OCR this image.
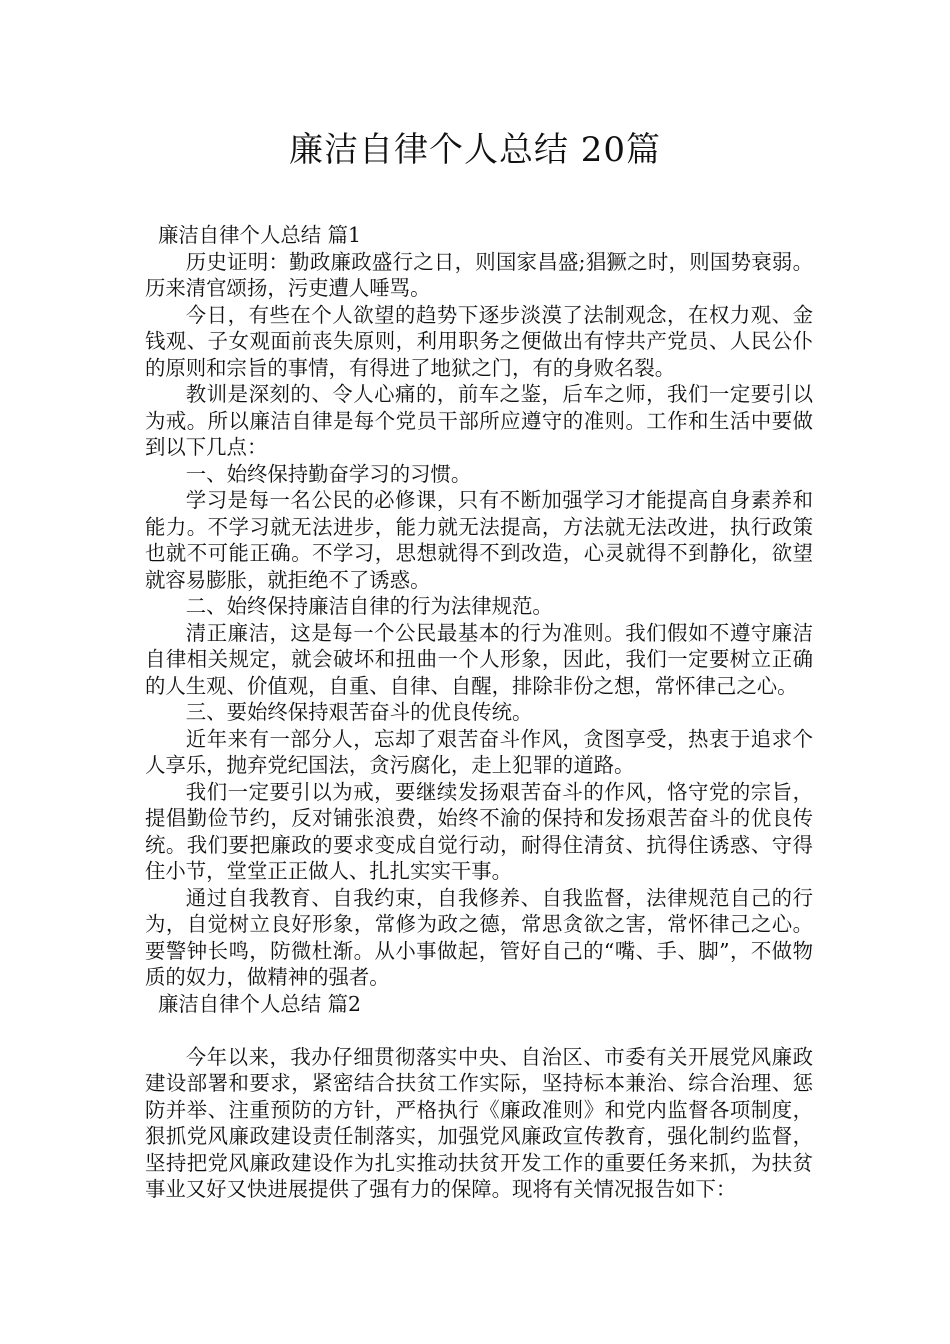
廉洁自律个人总结 20篇

廉洁自律个人总结 篇1

历史证明：勤政廉政盛行之日，则国家昌盛;猖獗之时，则国势衰弱。历来清官颂扬，污吏遭人唾骂。

今日，有些在个人欲望的趋势下逐步淡漠了法制观念，在权力观、金钱观、子女观面前丧失原则，利用职务之便做出有悖共产党员、人民公仆的原则和宗旨的事情，有得进了地狱之门，有的身败名裂。

教训是深刻的、令人心痛的，前车之鉴，后车之师，我们一定要引以为戒。所以廉洁自律是每个党员干部所应遵守的准则。工作和生活中要做到以下几点：

一、始终保持勤奋学习的习惯。

学习是每一名公民的必修课，只有不断加强学习才能提高自身素养和能力。不学习就无法进步，能力就无法提高，方法就无法改进，执行政策也就不可能正确。不学习，思想就得不到改造，心灵就得不到静化，欲望就容易膨胀，就拒绝不了诱惑。

二、始终保持廉洁自律的行为法律规范。

清正廉洁，这是每一个公民最基本的行为准则。我们假如不遵守廉洁自律相关规定，就会破坏和扭曲一个人形象，因此，我们一定要树立正确的人生观、价值观，自重、自律、自醒，排除非份之想，常怀律己之心。

三、要始终保持艰苦奋斗的优良传统。

近年来有一部分人，忘却了艰苦奋斗作风，贪图享受，热衷于追求个人享乐，抛弃党纪国法，贪污腐化，走上犯罪的道路。

我们一定要引以为戒，要继续发扬艰苦奋斗的作风，恪守党的宗旨，提倡勤俭节约，反对铺张浪费，始终不渝的保持和发扬艰苦奋斗的优良传统。我们要把廉政的要求变成自觉行动，耐得住清贫、抗得住诱惑、守得住小节，堂堂正正做人、扎扎实实干事。

通过自我教育、自我约束，自我修养、自我监督，法律规范自己的行为，自觉树立良好形象，常修为政之德，常思贪欲之害，常怀律己之心。要警钟长鸣，防微杜渐。从小事做起，管好自己的“嘴、手、脚”，不做物质的奴力，做精神的强者。

廉洁自律个人总结 篇2

今年以来，我办仔细贯彻落实中央、自治区、市委有关开展党风廉政建设部署和要求，紧密结合扶贫工作实际，坚持标本兼治、综合治理、惩防并举、注重预防的方针，严格执行《廉政准则》和党内监督各项制度，狠抓党风廉政建设责任制落实，加强党风廉政宣传教育，强化制约监督，坚持把党风廉政建设作为扎实推动扶贫开发工作的重要任务来抓，为扶贫事业又好又快进展提供了强有力的保障。现将有关情况报告如下：
